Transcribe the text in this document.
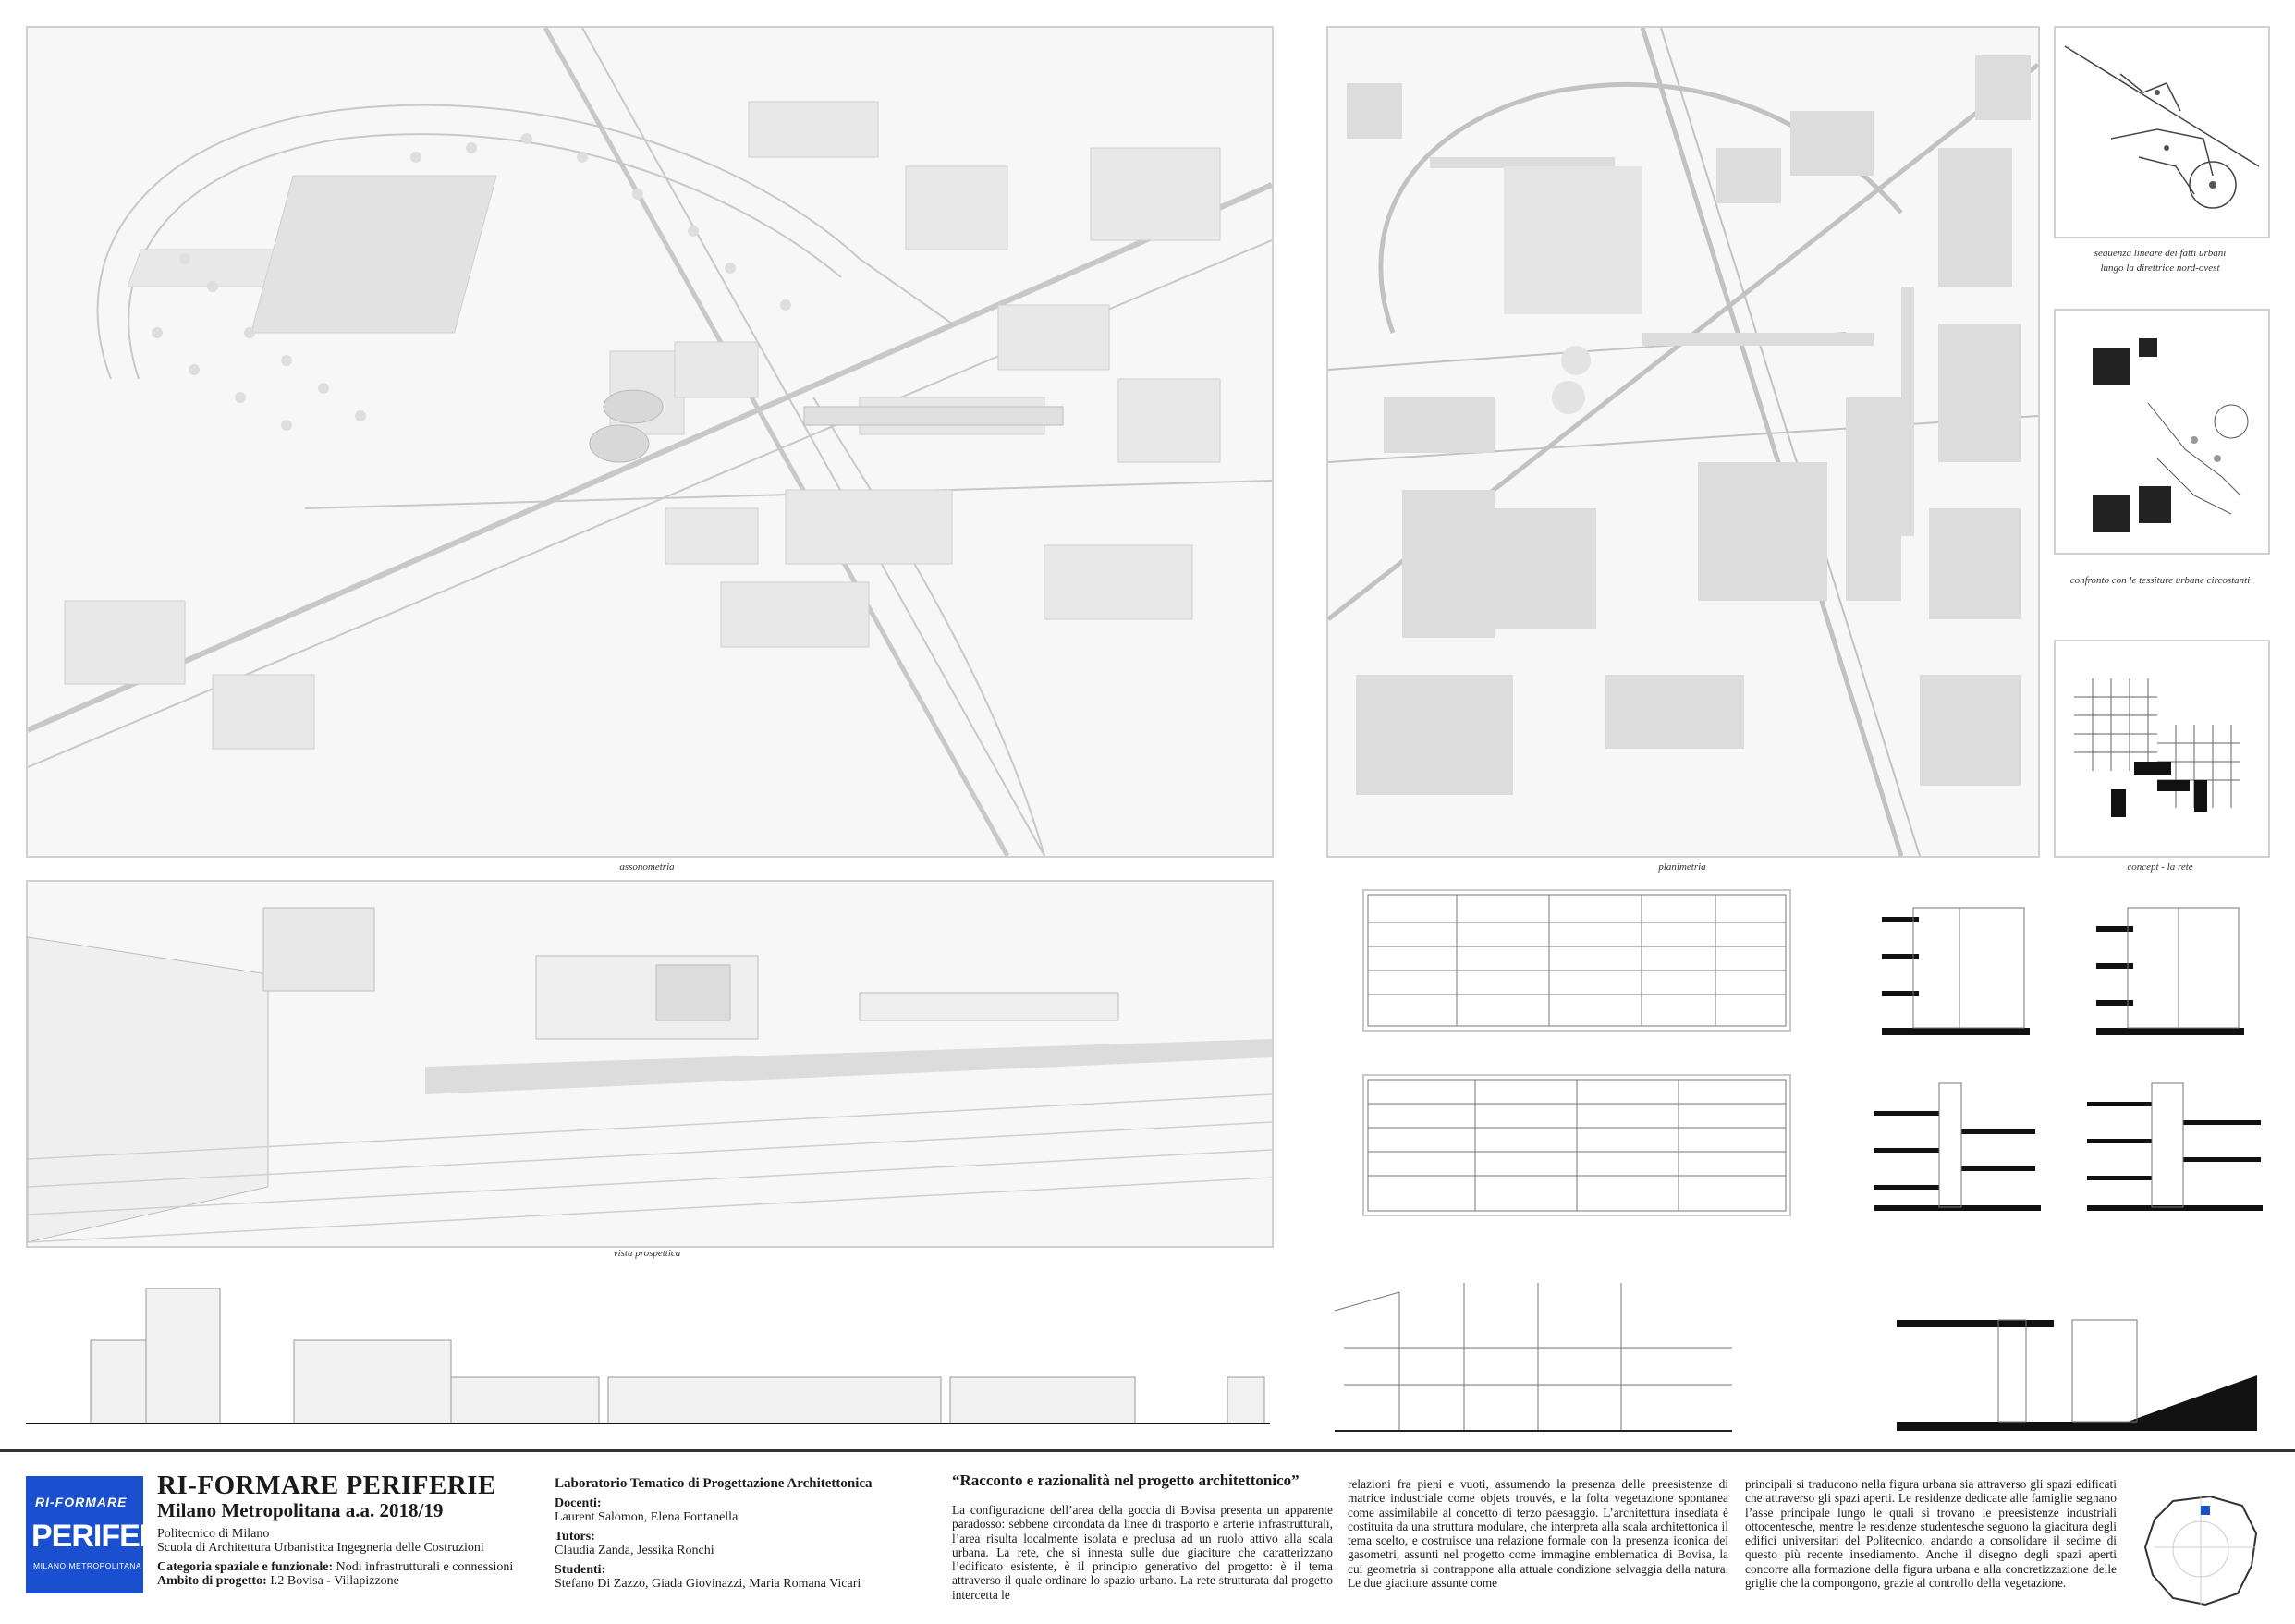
assonometria	planimetria
sequenza lineare dei fatti urbani
lungo la direttrice nord-ovest
confronto con le tessiture urbane circostanti
concept - la rete
vista prospettica
RI-FORMARE
PERIFERIE
MILANO METROPOLITANA
RI-FORMARE PERIFERIE
Milano Metropolitana a.a. 2018/19
Politecnico di Milano
Scuola di Architettura Urbanistica Ingegneria delle Costruzioni
Categoria spaziale e funzionale: Nodi infrastrutturali e connessioni
Ambito di progetto: I.2 Bovisa - Villapizzone
Laboratorio Tematico di Progettazione Architettonica
Docenti:
Laurent Salomon, Elena Fontanella
Tutors:
Claudia Zanda, Jessika Ronchi
Studenti:
Stefano Di Zazzo, Giada Giovinazzi, Maria Romana Vicari
“Racconto e razionalità nel progetto architettonico”
La configurazione dell’area della goccia di Bovisa presenta un apparente paradosso: sebbene circondata da linee di trasporto e arterie infrastrutturali, l’area risulta localmente isolata e preclusa ad un ruolo attivo alla scala urbana. La rete, che si innesta sulle due giaciture che caratterizzano l’edificato esistente, è il principio generativo del progetto: è il tema attraverso il quale ordinare lo spazio urbano. La rete strutturata dal progetto intercetta le
relazioni fra pieni e vuoti, assumendo la presenza delle preesistenze di matrice industriale come objets trouvés, e la folta vegetazione spontanea come assimilabile al concetto di terzo paesaggio. L’architettura insediata è costituita da una struttura modulare, che interpreta alla scala architettonica il tema scelto, e costruisce una relazione formale con la presenza iconica dei gasometri, assunti nel progetto come immagine emblematica di Bovisa, la cui geometria si contrappone alla attuale condizione selvaggia della natura. Le due giaciture assunte come
principali si traducono nella figura urbana sia attraverso gli spazi edificati che attraverso gli spazi aperti. Le residenze dedicate alle famiglie segnano l’asse principale lungo le quali si trovano le preesistenze industriali ottocentesche, mentre le residenze studentesche seguono la giacitura degli edifici universitari del Politecnico, andando a consolidare il sedime di questo più recente insediamento. Anche il disegno degli spazi aperti concorre alla formazione della figura urbana e alla concretizzazione delle griglie che la compongono, grazie al controllo della vegetazione.
